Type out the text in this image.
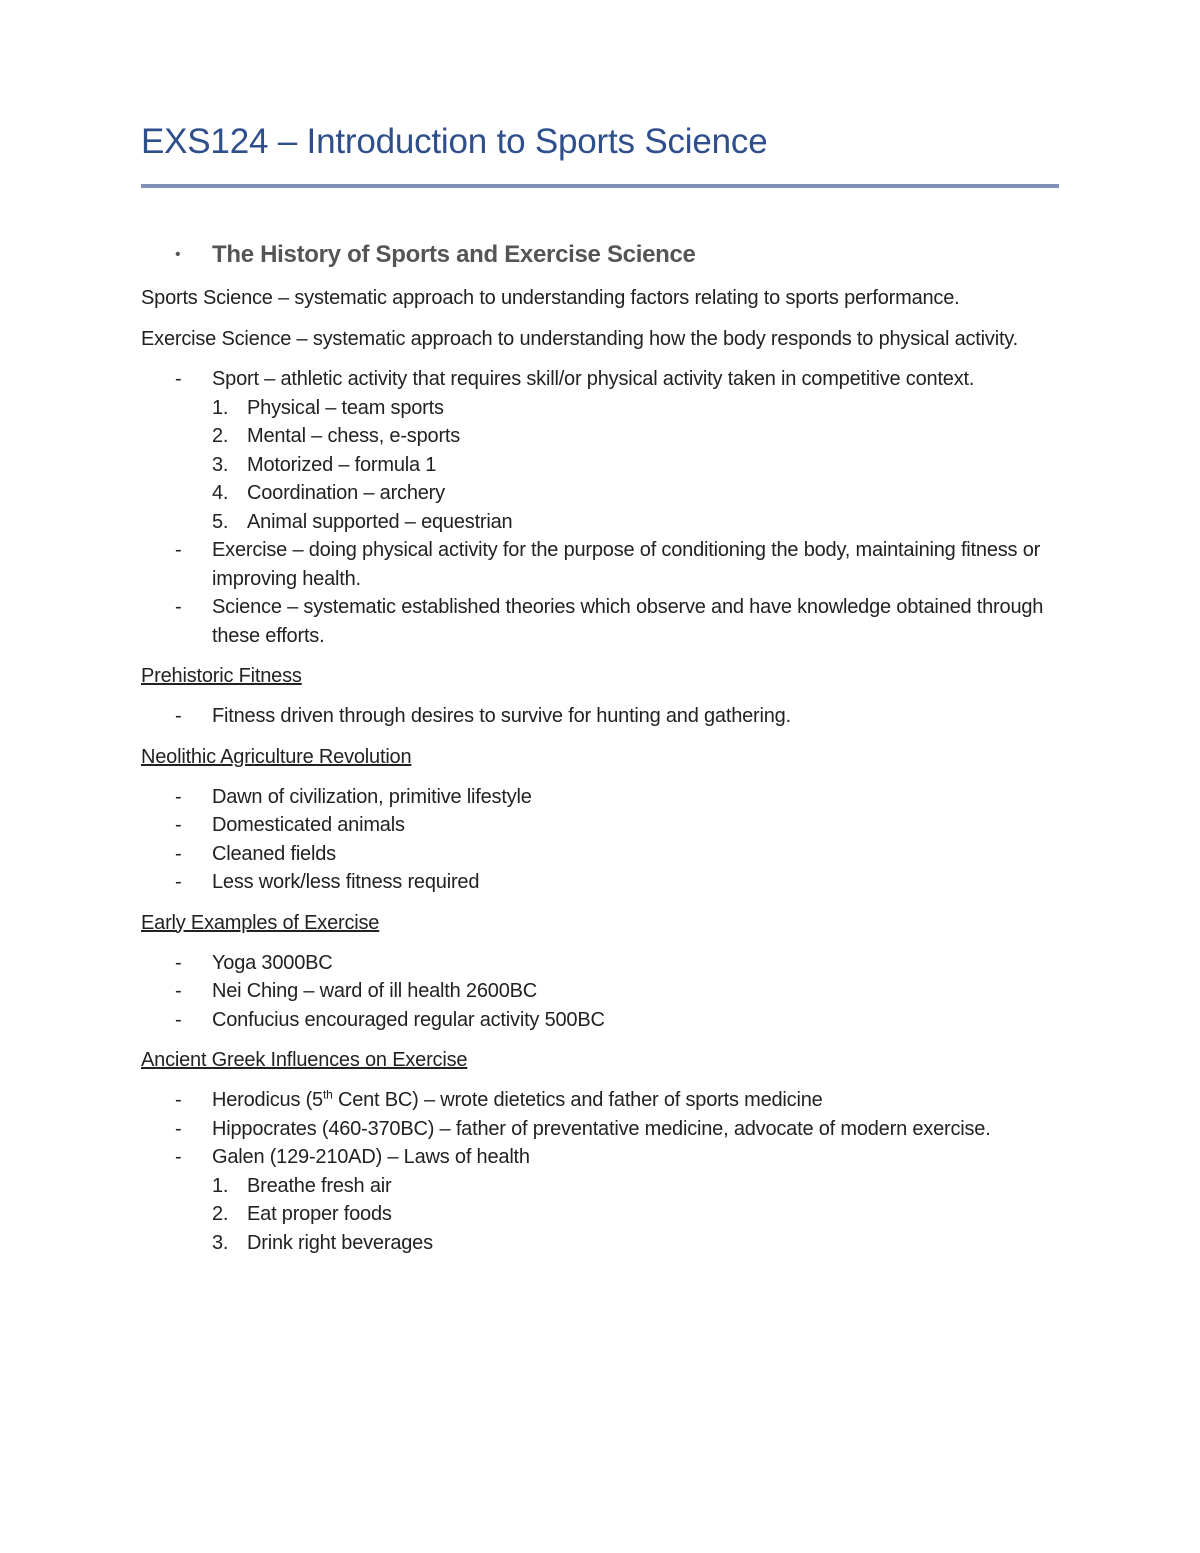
EXS124 – Introduction to Sports Science
•	The History of Sports and Exercise Science

Sports Science – systematic approach to understanding factors relating to sports performance.

Exercise Science – systematic approach to understanding how the body responds to physical activity.

-	Sport – athletic activity that requires skill/or physical activity taken in competitive context.
1. Physical – team sports
2. Mental – chess, e-sports
3. Motorized – formula 1
4. Coordination – archery
5. Animal supported – equestrian
-	Exercise – doing physical activity for the purpose of conditioning the body, maintaining fitness or improving health.
-	Science – systematic established theories which observe and have knowledge obtained through these efforts.

Prehistoric Fitness

-	Fitness driven through desires to survive for hunting and gathering.

Neolithic Agriculture Revolution

-	Dawn of civilization, primitive lifestyle
-	Domesticated animals
-	Cleaned fields
-	Less work/less fitness required

Early Examples of Exercise

-	Yoga 3000BC
-	Nei Ching – ward of ill health 2600BC
-	Confucius encouraged regular activity 500BC

Ancient Greek Influences on Exercise

-	Herodicus (5th Cent BC) – wrote dietetics and father of sports medicine
-	Hippocrates (460-370BC) – father of preventative medicine, advocate of modern exercise.
-	Galen (129-210AD) – Laws of health
1. Breathe fresh air
2. Eat proper foods
3. Drink right beverages
